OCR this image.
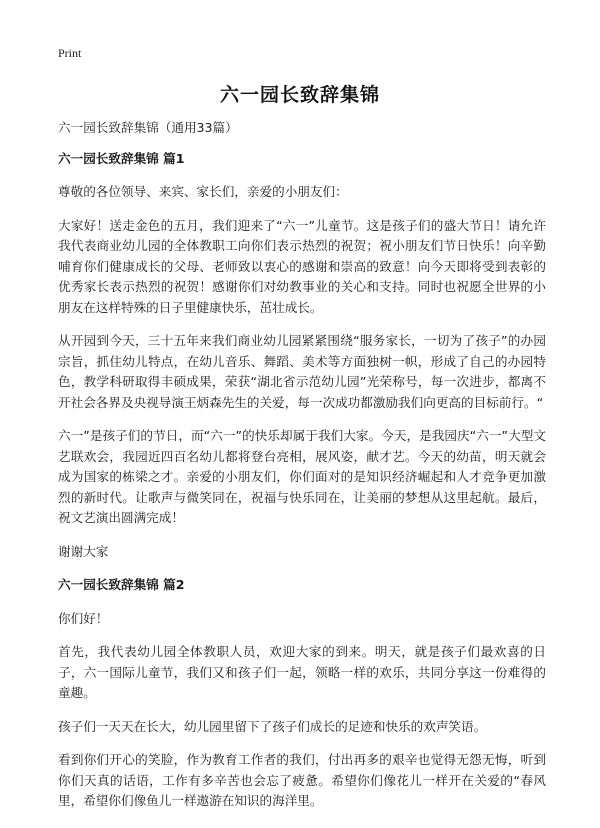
Print
六一园长致辞集锦

六一园长致辞集锦（通用33篇）

六一园长致辞集锦 篇1

尊敬的各位领导、来宾、家长们，亲爱的小朋友们：

大家好！送走金色的五月，我们迎来了“六一”儿童节。这是孩子们的盛大节日！请允许我代表商业幼儿园的全体教职工向你们表示热烈的祝贺；祝小朋友们节日快乐！向辛勤哺育你们健康成长的父母、老师致以衷心的感谢和崇高的致意！向今天即将受到表彰的优秀家长表示热烈的祝贺！感谢你们对幼教事业的关心和支持。同时也祝愿全世界的小朋友在这样特殊的日子里健康快乐，茁壮成长。

从开园到今天，三十五年来我们商业幼儿园紧紧围绕“服务家长，一切为了孩子”的办园宗旨，抓住幼儿特点，在幼儿音乐、舞蹈、美术等方面独树一帜，形成了自己的办园特色，教学科研取得丰硕成果，荣获“湖北省示范幼儿园”光荣称号，每一次进步，都离不开社会各界及央视导演王炳森先生的关爱，每一次成功都激励我们向更高的目标前行。“

六一”是孩子们的节日，而“六一”的快乐却属于我们大家。今天，是我园庆“六一”大型文艺联欢会，我园近四百名幼儿都将登台亮相，展风姿，献才艺。今天的幼苗，明天就会成为国家的栋梁之才。亲爱的小朋友们，你们面对的是知识经济崛起和人才竞争更加激烈的新时代。让歌声与微笑同在，祝福与快乐同在，让美丽的梦想从这里起航。最后，祝文艺演出圆满完成！

谢谢大家

六一园长致辞集锦 篇2

你们好！

首先，我代表幼儿园全体教职人员，欢迎大家的到来。明天，就是孩子们最欢喜的日子，六一国际儿童节，我们又和孩子们一起，领略一样的欢乐，共同分享这一份难得的童趣。

孩子们一天天在长大，幼儿园里留下了孩子们成长的足迹和快乐的欢声笑语。

看到你们开心的笑脸，作为教育工作者的我们，付出再多的艰辛也觉得无怨无悔，听到你们天真的话语，工作有多辛苦也会忘了疲惫。希望你们像花儿一样开在关爱的“春风里，希望你们像鱼儿一样遨游在知识的海洋里。
